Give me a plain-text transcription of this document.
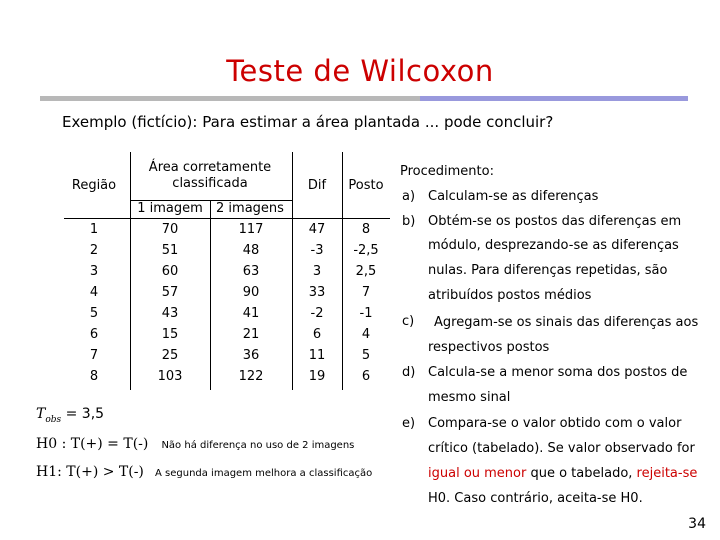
Teste de Wilcoxon
Exemplo (fictício): Para estimar a área plantada ... pode concluir?
Região
Área corretamente classificada
1 imagem	2 imagens
Dif	Posto
1	70	117	47	8
2	51	48	-3	-2,5
3	60	63	3	2,5
4	57	90	33	7
5	43	41	-2	-1
6	15	21	6	4
7	25	36	11	5
8	103	122	19	6
$T_{obs} = 3,5$
H0 : T(+) = T(-) Não há diferença no uso de 2 imagens
H1: T(+) > T(-) A segunda imagem melhora a classificação
Procedimento:
a) Calculam-se as diferenças
b) Obtém-se os postos das diferenças em
módulo, desprezando-se as diferenças
nulas. Para diferenças repetidas, são
atribuídos postos médios
c) Agregam-se os sinais das diferenças aos
respectivos postos
d) Calcula-se a menor soma dos postos de
mesmo sinal
e) Compara-se o valor obtido com o valor
crítico (tabelado). Se valor observado for
igual ou menor que o tabelado, rejeita-se
H0. Caso contrário, aceita-se H0.
34
